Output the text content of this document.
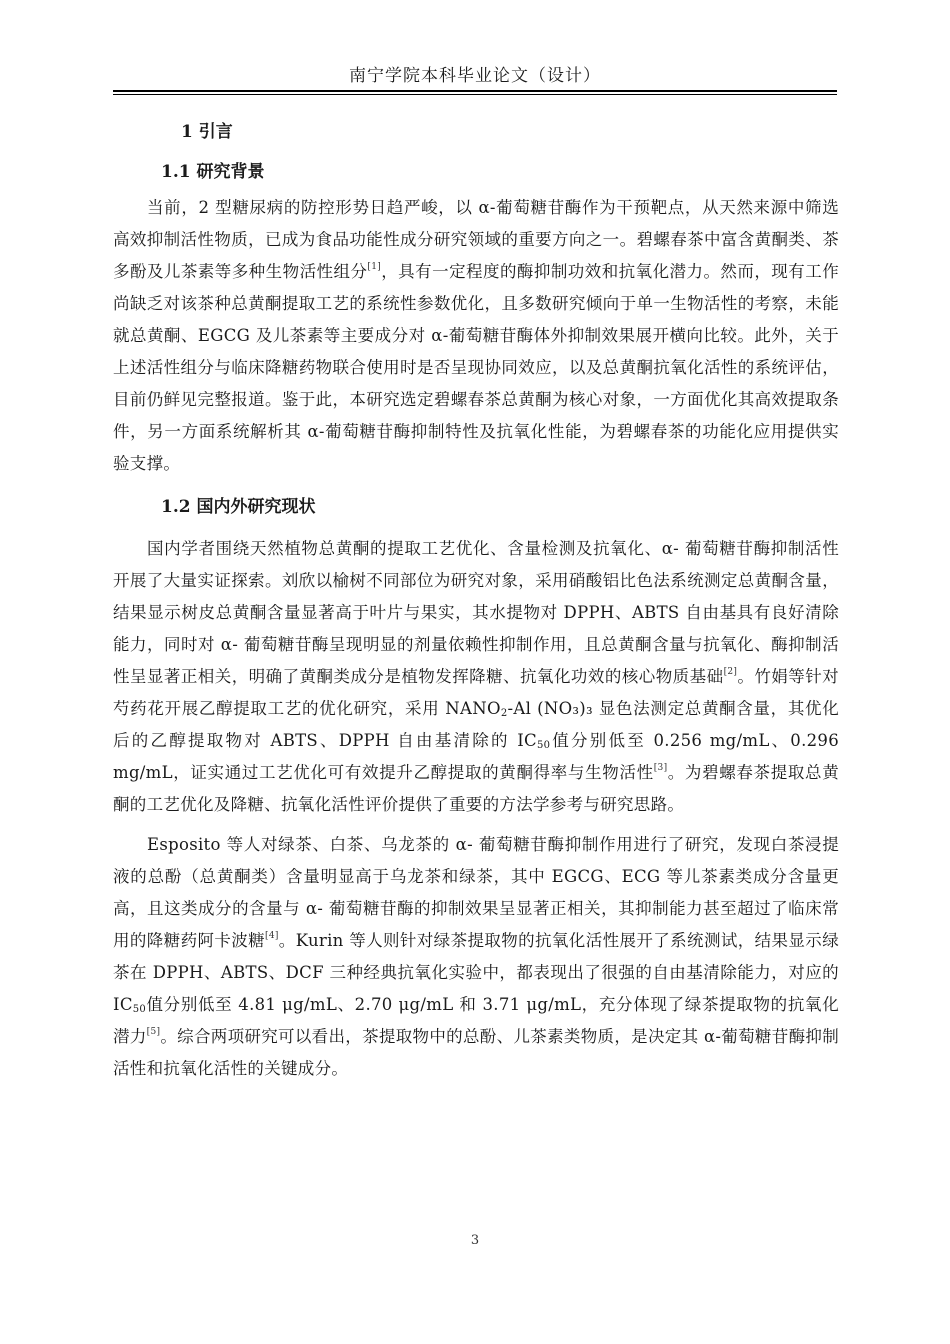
南宁学院本科毕业论文（设计）
1 引言
1.1 研究背景

当前，2 型糖尿病的防控形势日趋严峻，以 α-葡萄糖苷酶作为干预靶点，从天然来源中筛选高效抑制活性物质，已成为食品功能性成分研究领域的重要方向之一。碧螺春茶中富含黄酮类、茶多酚及儿茶素等多种生物活性组分[1]，具有一定程度的酶抑制功效和抗氧化潜力。然而，现有工作尚缺乏对该茶种总黄酮提取工艺的系统性参数优化，且多数研究倾向于单一生物活性的考察，未能就总黄酮、EGCG 及儿茶素等主要成分对 α-葡萄糖苷酶体外抑制效果展开横向比较。此外，关于上述活性组分与临床降糖药物联合使用时是否呈现协同效应，以及总黄酮抗氧化活性的系统评估，目前仍鲜见完整报道。鉴于此，本研究选定碧螺春茶总黄酮为核心对象，一方面优化其高效提取条件，另一方面系统解析其 α-葡萄糖苷酶抑制特性及抗氧化性能，为碧螺春茶的功能化应用提供实验支撑。

1.2 国内外研究现状

国内学者围绕天然植物总黄酮的提取工艺优化、含量检测及抗氧化、α- 葡萄糖苷酶抑制活性开展了大量实证探索。刘欣以榆树不同部位为研究对象，采用硝酸铝比色法系统测定总黄酮含量，结果显示树皮总黄酮含量显著高于叶片与果实，其水提物对 DPPH、ABTS 自由基具有良好清除能力，同时对 α- 葡萄糖苷酶呈现明显的剂量依赖性抑制作用，且总黄酮含量与抗氧化、酶抑制活性呈显著正相关，明确了黄酮类成分是植物发挥降糖、抗氧化功效的核心物质基础[2]。竹娟等针对芍药花开展乙醇提取工艺的优化研究，采用 $NANO_2-Al$ (NO₃)₃ 显色法测定总黄酮含量，其优化后的乙醇提取物对 ABTS、DPPH 自由基清除的 $IC_{50}$值分别低至 0.256 mg/mL、0.296 mg/mL，证实通过工艺优化可有效提升乙醇提取的黄酮得率与生物活性[3]。为碧螺春茶提取总黄酮的工艺优化及降糖、抗氧化活性评价提供了重要的方法学参考与研究思路。

Esposito 等人对绿茶、白茶、乌龙茶的 α- 葡萄糖苷酶抑制作用进行了研究，发现白茶浸提液的总酚（总黄酮类）含量明显高于乌龙茶和绿茶，其中 EGCG、ECG 等儿茶素类成分含量更高，且这类成分的含量与 α- 葡萄糖苷酶的抑制效果呈显著正相关，其抑制能力甚至超过了临床常用的降糖药阿卡波糖[4]。Kurin 等人则针对绿茶提取物的抗氧化活性展开了系统测试，结果显示绿茶在 DPPH、ABTS、DCF 三种经典抗氧化实验中，都表现出了很强的自由基清除能力，对应的 $IC_{50}$值分别低至 4.81 μg/mL、2.70 μg/mL 和 3.71 μg/mL，充分体现了绿茶提取物的抗氧化潜力[5]。综合两项研究可以看出，茶提取物中的总酚、儿茶素类物质，是决定其 α-葡萄糖苷酶抑制活性和抗氧化活性的关键成分。

3
